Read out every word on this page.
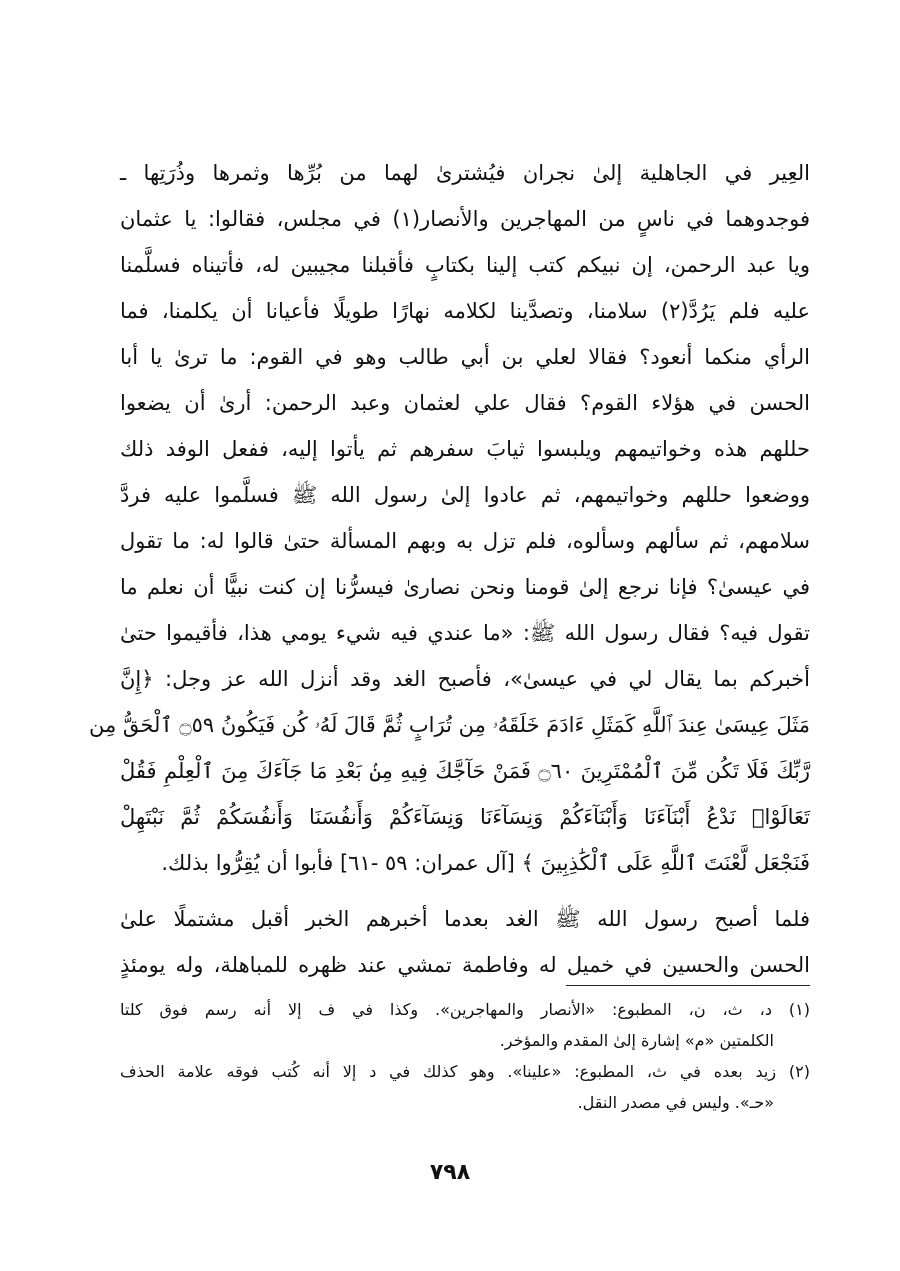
العِير في الجاهلية إلىٰ نجران فيُشترىٰ لهما من بُرِّها وثمرها وذُرَتِها ـ
فوجدوهما في ناسٍ من المهاجرين والأنصار(١) في مجلس، فقالوا: يا عثمان
ويا عبد الرحمن، إن نبيكم كتب إلينا بكتابٍ فأقبلنا مجيبين له، فأتيناه فسلَّمنا
عليه فلم يَرُدَّ(٢) سلامنا، وتصدَّينا لكلامه نهارًا طويلًا فأعيانا أن يكلمنا، فما
الرأي منكما أنعود؟ فقالا لعلي بن أبي طالب وهو في القوم: ما ترىٰ يا أبا
الحسن في هؤلاء القوم؟ فقال علي لعثمان وعبد الرحمن: أرىٰ أن يضعوا
حللهم هذه وخواتيمهم ويلبسوا ثيابَ سفرهم ثم يأتوا إليه، ففعل الوفد ذلك
ووضعوا حللهم وخواتيمهم، ثم عادوا إلىٰ رسول الله ﷺ فسلَّموا عليه فردَّ
سلامهم، ثم سألهم وسألوه، فلم تزل به وبهم المسألة حتىٰ قالوا له: ما تقول
في عيسىٰ؟ فإنا نرجع إلىٰ قومنا ونحن نصارىٰ فيسرُّنا إن كنت نبيًّا أن نعلم ما
تقول فيه؟ فقال رسول الله ﷺ: «ما عندي فيه شيء يومي هذا، فأقيموا حتىٰ
أخبركم بما يقال لي في عيسىٰ»، فأصبح الغد وقد أنزل الله عز وجل: ﴿إِنَّ
مَثَلَ عِيسَىٰ عِندَ ٱللَّهِ كَمَثَلِ ءَادَمَ خَلَقَهُۥ مِن تُرَابٍ ثُمَّ قَالَ لَهُۥ كُن فَيَكُونُ ۝٥٩ ٱلْحَقُّ مِن
رَّبِّكَ فَلَا تَكُن مِّنَ ٱلْمُمْتَرِينَ ۝٦٠ فَمَنْ حَآجَّكَ فِيهِ مِنۢ بَعْدِ مَا جَآءَكَ مِنَ ٱلْعِلْمِ فَقُلْ
تَعَالَوْا۟ نَدْعُ أَبْنَآءَنَا وَأَبْنَآءَكُمْ وَنِسَآءَنَا وَنِسَآءَكُمْ وَأَنفُسَنَا وَأَنفُسَكُمْ ثُمَّ نَبْتَهِلْ
فَنَجْعَل لَّعْنَتَ ٱللَّهِ عَلَى ٱلْكَٰذِبِينَ ﴾ [آل عمران: ٥٩ -٦١] فأبوا أن يُقِرُّوا بذلك.
فلما أصبح رسول الله ﷺ الغد بعدما أخبرهم الخبر أقبل مشتملًا علىٰ
الحسن والحسين في خميل له وفاطمة تمشي عند ظهره للمباهلة، وله يومئذٍ
(١) د، ث، ن، المطبوع: «الأنصار والمهاجرين». وكذا في ف إلا أنه رسم فوق كلتا
الكلمتين «م» إشارة إلىٰ المقدم والمؤخر.
(٢) زيد بعده في ث، المطبوع: «علينا». وهو كذلك في د إلا أنه كُتب فوقه علامة الحذف
«حـ». وليس في مصدر النقل.
٧٩٨
